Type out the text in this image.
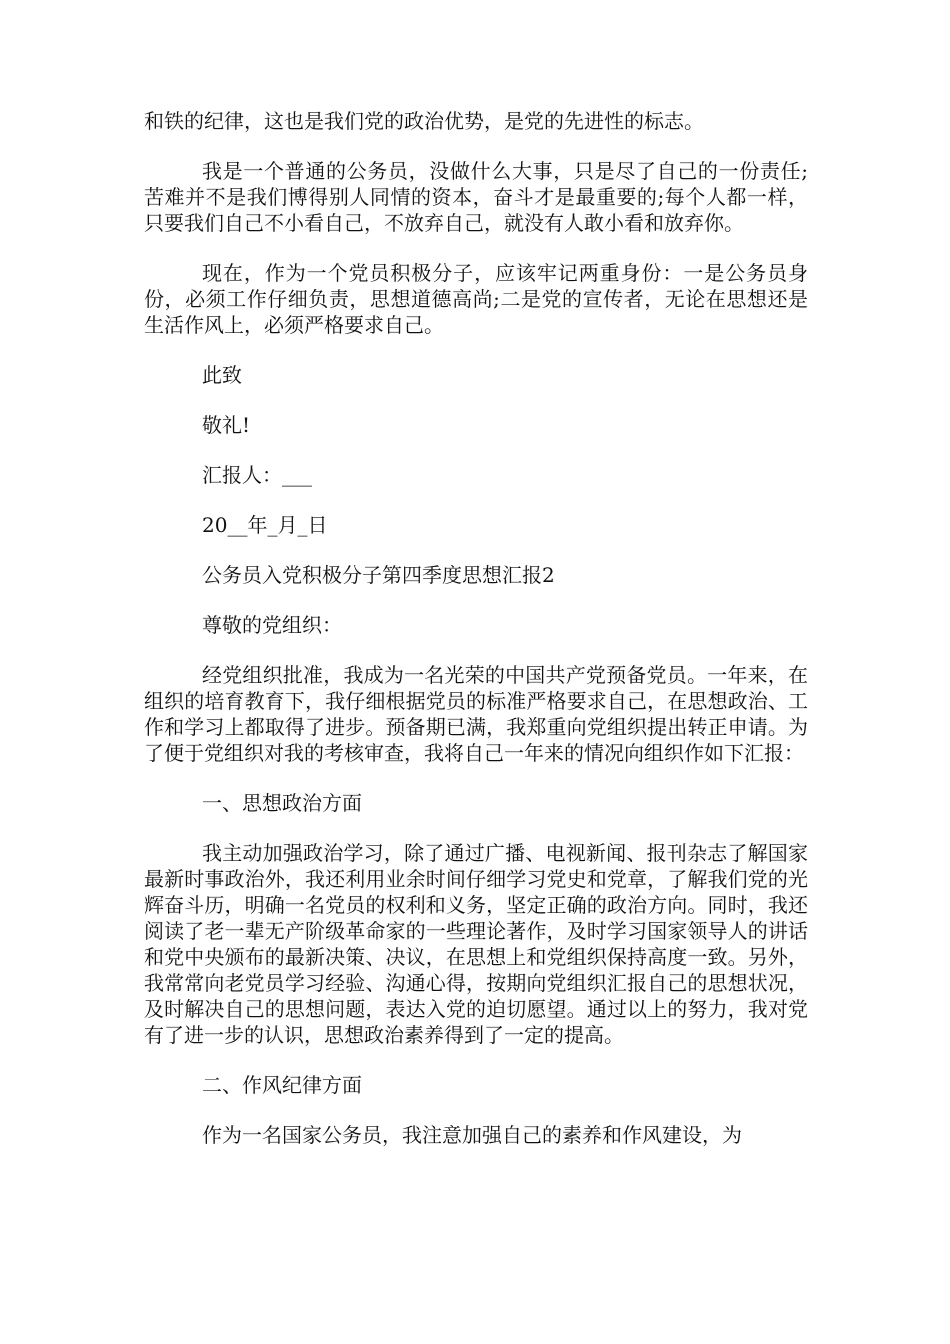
和铁的纪律，这也是我们党的政治优势，是党的先进性的标志。

我是一个普通的公务员，没做什么大事，只是尽了自己的一份责任;苦难并不是我们博得别人同情的资本，奋斗才是最重要的;每个人都一样，只要我们自己不小看自己，不放弃自己，就没有人敢小看和放弃你。

现在，作为一个党员积极分子，应该牢记两重身份：一是公务员身份，必须工作仔细负责，思想道德高尚;二是党的宣传者，无论在思想还是生活作风上，必须严格要求自己。

此致

敬礼!

汇报人：___

20__年_月_日

公务员入党积极分子第四季度思想汇报2

尊敬的党组织：

经党组织批准，我成为一名光荣的中国共产党预备党员。一年来，在组织的培育教育下，我仔细根据党员的标准严格要求自己，在思想政治、工作和学习上都取得了进步。预备期已满，我郑重向党组织提出转正申请。为了便于党组织对我的考核审查，我将自己一年来的情况向组织作如下汇报：

一、思想政治方面

我主动加强政治学习，除了通过广播、电视新闻、报刊杂志了解国家最新时事政治外，我还利用业余时间仔细学习党史和党章，了解我们党的光辉奋斗历，明确一名党员的权利和义务，坚定正确的政治方向。同时，我还阅读了老一辈无产阶级革命家的一些理论著作，及时学习国家领导人的讲话和党中央颁布的最新决策、决议，在思想上和党组织保持高度一致。另外，我常常向老党员学习经验、沟通心得，按期向党组织汇报自己的思想状况，及时解决自己的思想问题，表达入党的迫切愿望。通过以上的努力，我对党有了进一步的认识，思想政治素养得到了一定的提高。

二、作风纪律方面

作为一名国家公务员，我注意加强自己的素养和作风建设，为
